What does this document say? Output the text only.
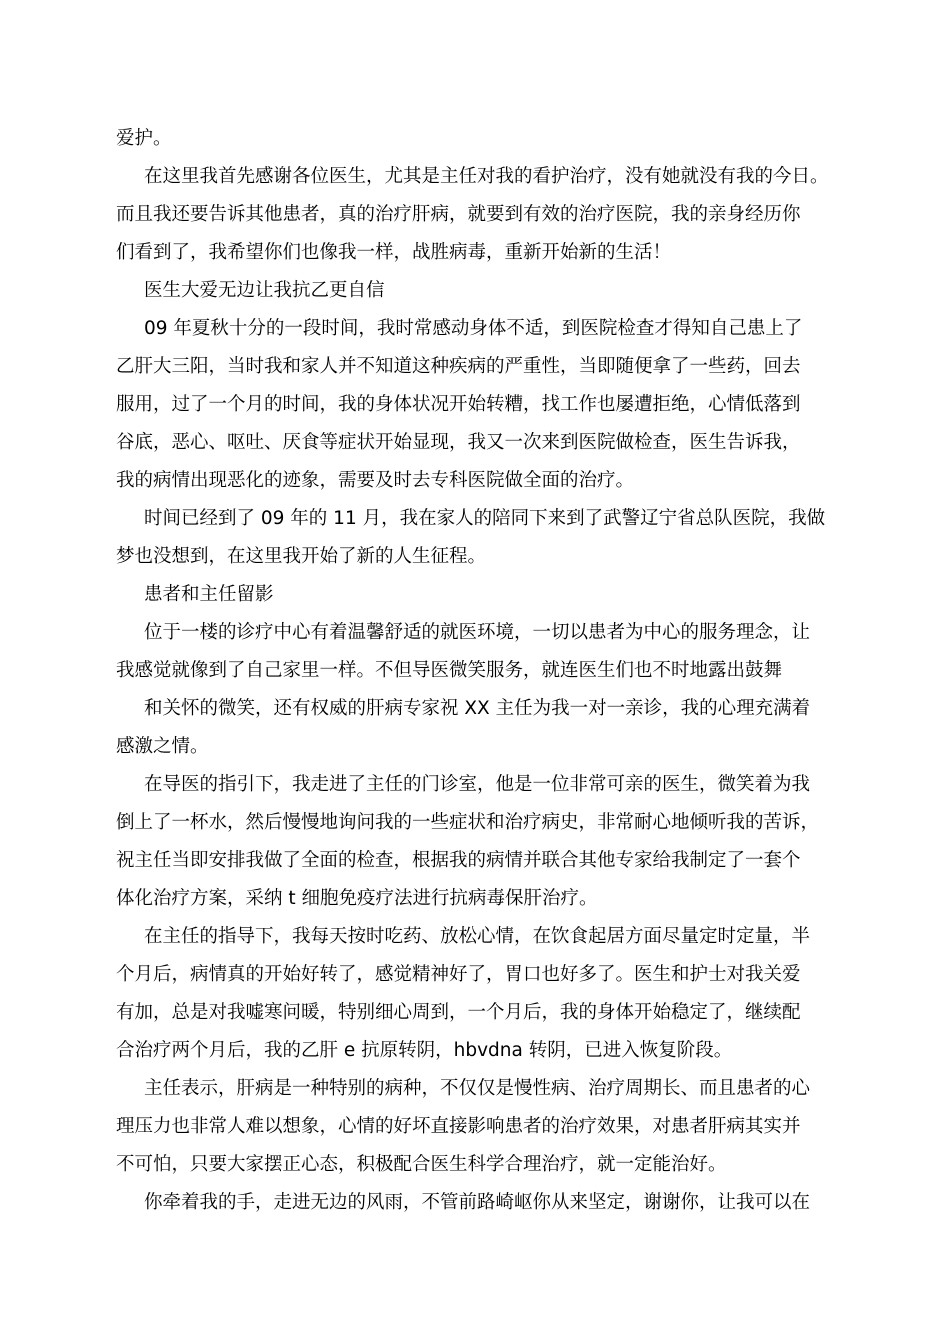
爱护。
在这里我首先感谢各位医生，尤其是主任对我的看护治疗，没有她就没有我的今日。
而且我还要告诉其他患者，真的治疗肝病，就要到有效的治疗医院，我的亲身经历你
们看到了，我希望你们也像我一样，战胜病毒，重新开始新的生活！
医生大爱无边让我抗乙更自信
09 年夏秋十分的一段时间，我时常感动身体不适，到医院检查才得知自己患上了
乙肝大三阳，当时我和家人并不知道这种疾病的严重性，当即随便拿了一些药，回去
服用，过了一个月的时间，我的身体状况开始转糟，找工作也屡遭拒绝，心情低落到
谷底，恶心、呕吐、厌食等症状开始显现，我又一次来到医院做检查，医生告诉我，
我的病情出现恶化的迹象，需要及时去专科医院做全面的治疗。
时间已经到了 09 年的 11 月，我在家人的陪同下来到了武警辽宁省总队医院，我做
梦也没想到，在这里我开始了新的人生征程。
患者和主任留影
位于一楼的诊疗中心有着温馨舒适的就医环境，一切以患者为中心的服务理念，让
我感觉就像到了自己家里一样。不但导医微笑服务，就连医生们也不时地露出鼓舞
和关怀的微笑，还有权威的肝病专家祝 XX 主任为我一对一亲诊，我的心理充满着
感激之情。
在导医的指引下，我走进了主任的门诊室，他是一位非常可亲的医生，微笑着为我
倒上了一杯水，然后慢慢地询问我的一些症状和治疗病史，非常耐心地倾听我的苦诉，
祝主任当即安排我做了全面的检查，根据我的病情并联合其他专家给我制定了一套个
体化治疗方案，采纳 t 细胞免疫疗法进行抗病毒保肝治疗。
在主任的指导下，我每天按时吃药、放松心情，在饮食起居方面尽量定时定量，半
个月后，病情真的开始好转了，感觉精神好了，胃口也好多了。医生和护士对我关爱
有加，总是对我嘘寒问暖，特别细心周到，一个月后，我的身体开始稳定了，继续配
合治疗两个月后，我的乙肝 e 抗原转阴，hbvdna 转阴，已进入恢复阶段。
主任表示，肝病是一种特别的病种，不仅仅是慢性病、治疗周期长、而且患者的心
理压力也非常人难以想象，心情的好坏直接影响患者的治疗效果，对患者肝病其实并
不可怕，只要大家摆正心态，积极配合医生科学合理治疗，就一定能治好。
你牵着我的手，走进无边的风雨，不管前路崎岖你从来坚定，谢谢你，让我可以在
